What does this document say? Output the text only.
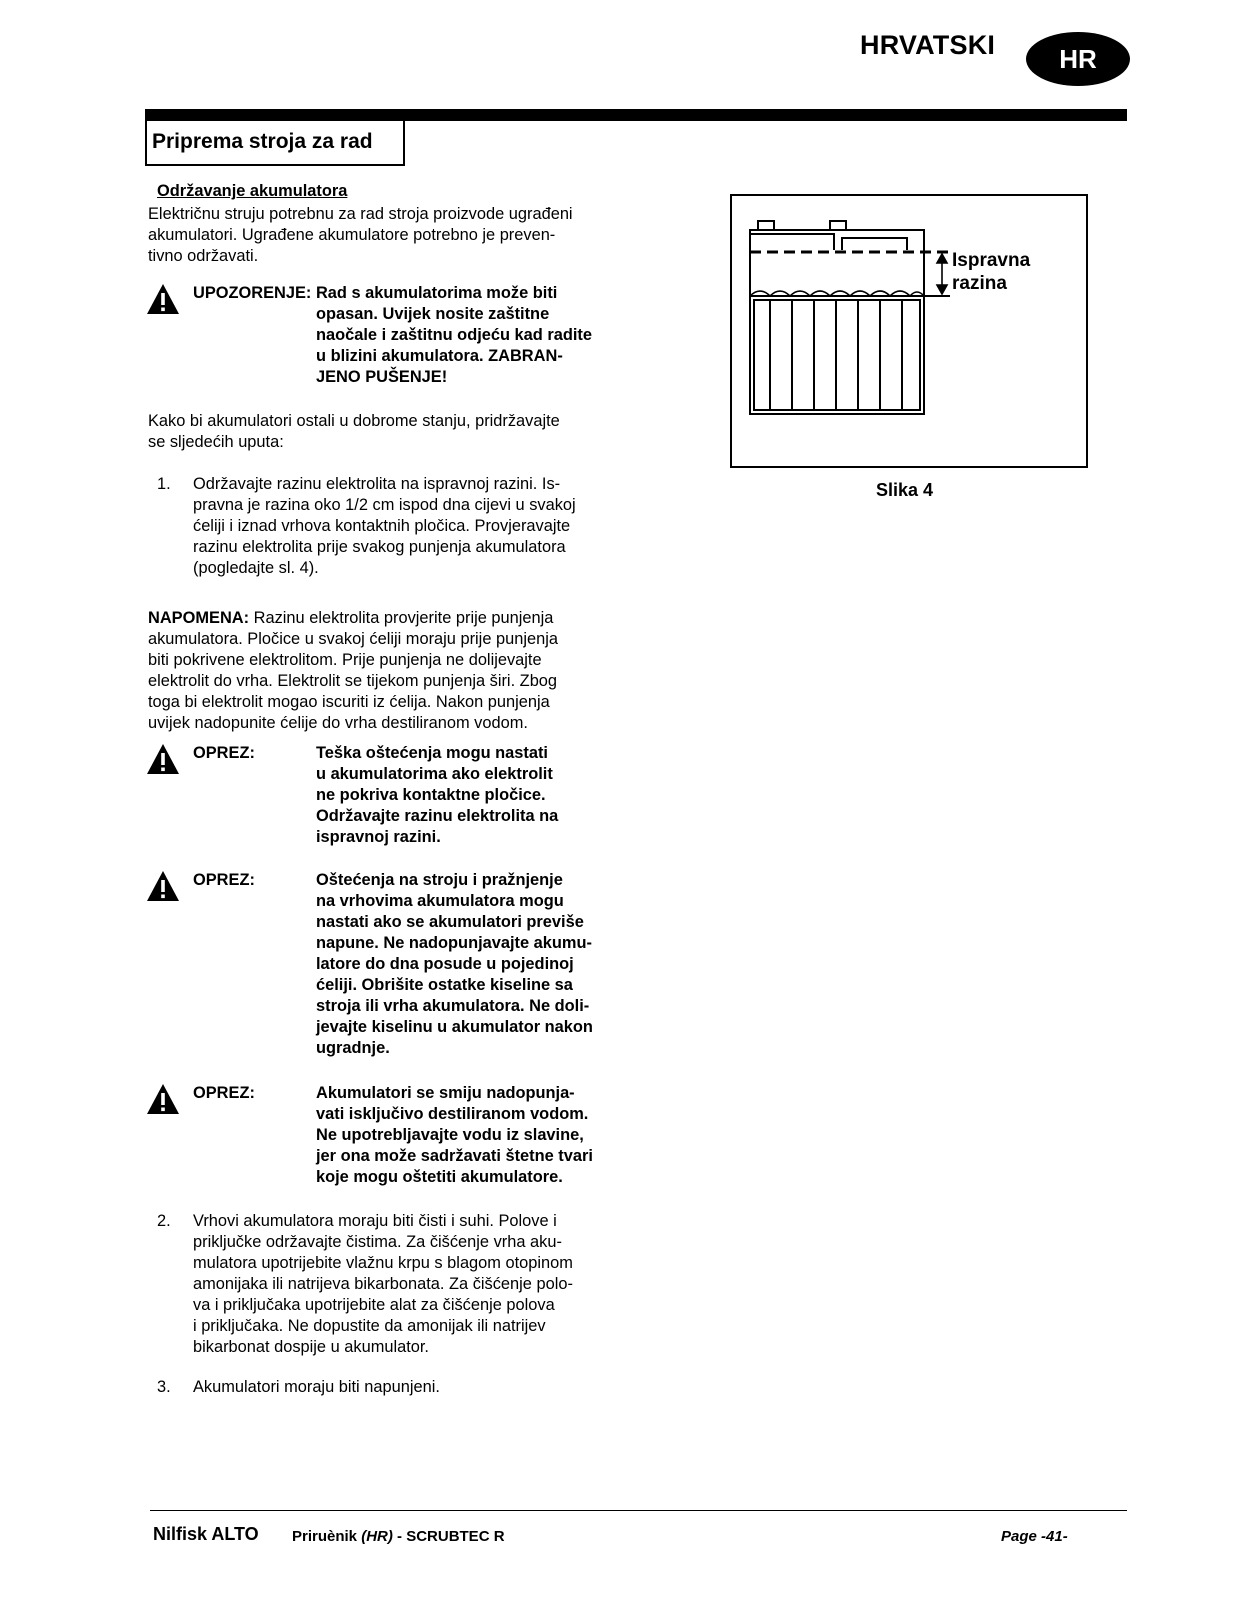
HRVATSKI HR
Priprema stroja za rad
Održavanje akumulatora
Električnu struju potrebnu za rad stroja proizvode ugrađeni
akumulatori. Ugrađene akumulatore potrebno je preven-
tivno održavati.
UPOZORENJE: Rad s akumulatorima može biti
opasan. Uvijek nosite zaštitne
naočale i zaštitnu odjeću kad radite
u blizini akumulatora. ZABRAN-
JENO PUŠENJE!
Kako bi akumulatori ostali u dobrome stanju, pridržavajte
se sljedećih uputa:
1. Održavajte razinu elektrolita na ispravnoj razini. Is-
pravna je razina oko 1/2 cm ispod dna cijevi u svakoj
ćeliji i iznad vrhova kontaktnih pločica. Provjeravajte
razinu elektrolita prije svakog punjenja akumulatora
(pogledajte sl. 4).
NAPOMENA: Razinu elektrolita provjerite prije punjenja
akumulatora. Pločice u svakoj ćeliji moraju prije punjenja
biti pokrivene elektrolitom. Prije punjenja ne dolijevajte
elektrolit do vrha. Elektrolit se tijekom punjenja širi. Zbog
toga bi elektrolit mogao iscuriti iz ćelija. Nakon punjenja
uvijek nadopunite ćelije do vrha destiliranom vodom.
OPREZ:	Teška oštećenja mogu nastati
u akumulatorima ako elektrolit
ne pokriva kontaktne pločice.
Održavajte razinu elektrolita na
ispravnoj razini.
OPREZ:	Oštećenja na stroju i pražnjenje
na vrhovima akumulatora mogu
nastati ako se akumulatori previše
napune. Ne nadopunjavajte akumu-
latore do dna posude u pojedinoj
ćeliji. Obrišite ostatke kiseline sa
stroja ili vrha akumulatora. Ne doli-
jevajte kiselinu u akumulator nakon
ugradnje.
OPREZ:	Akumulatori se smiju nadopunja-
vati isključivo destiliranom vodom.
Ne upotrebljavajte vodu iz slavine,
jer ona može sadržavati štetne tvari
koje mogu oštetiti akumulatore.
2. Vrhovi akumulatora moraju biti čisti i suhi. Polove i
priključke održavajte čistima. Za čišćenje vrha aku-
mulatora upotrijebite vlažnu krpu s blagom otopinom
amonijaka ili natrijeva bikarbonata. Za čišćenje polo-
va i priključaka upotrijebite alat za čišćenje polova
i priključaka. Ne dopustite da amonijak ili natrijev
bikarbonat dospije u akumulator.
3. Akumulatori moraju biti napunjeni.
Ispravna
razina
Slika 4
Nilfisk ALTO Priruènik (HR) - SCRUBTEC R	Page -41-
